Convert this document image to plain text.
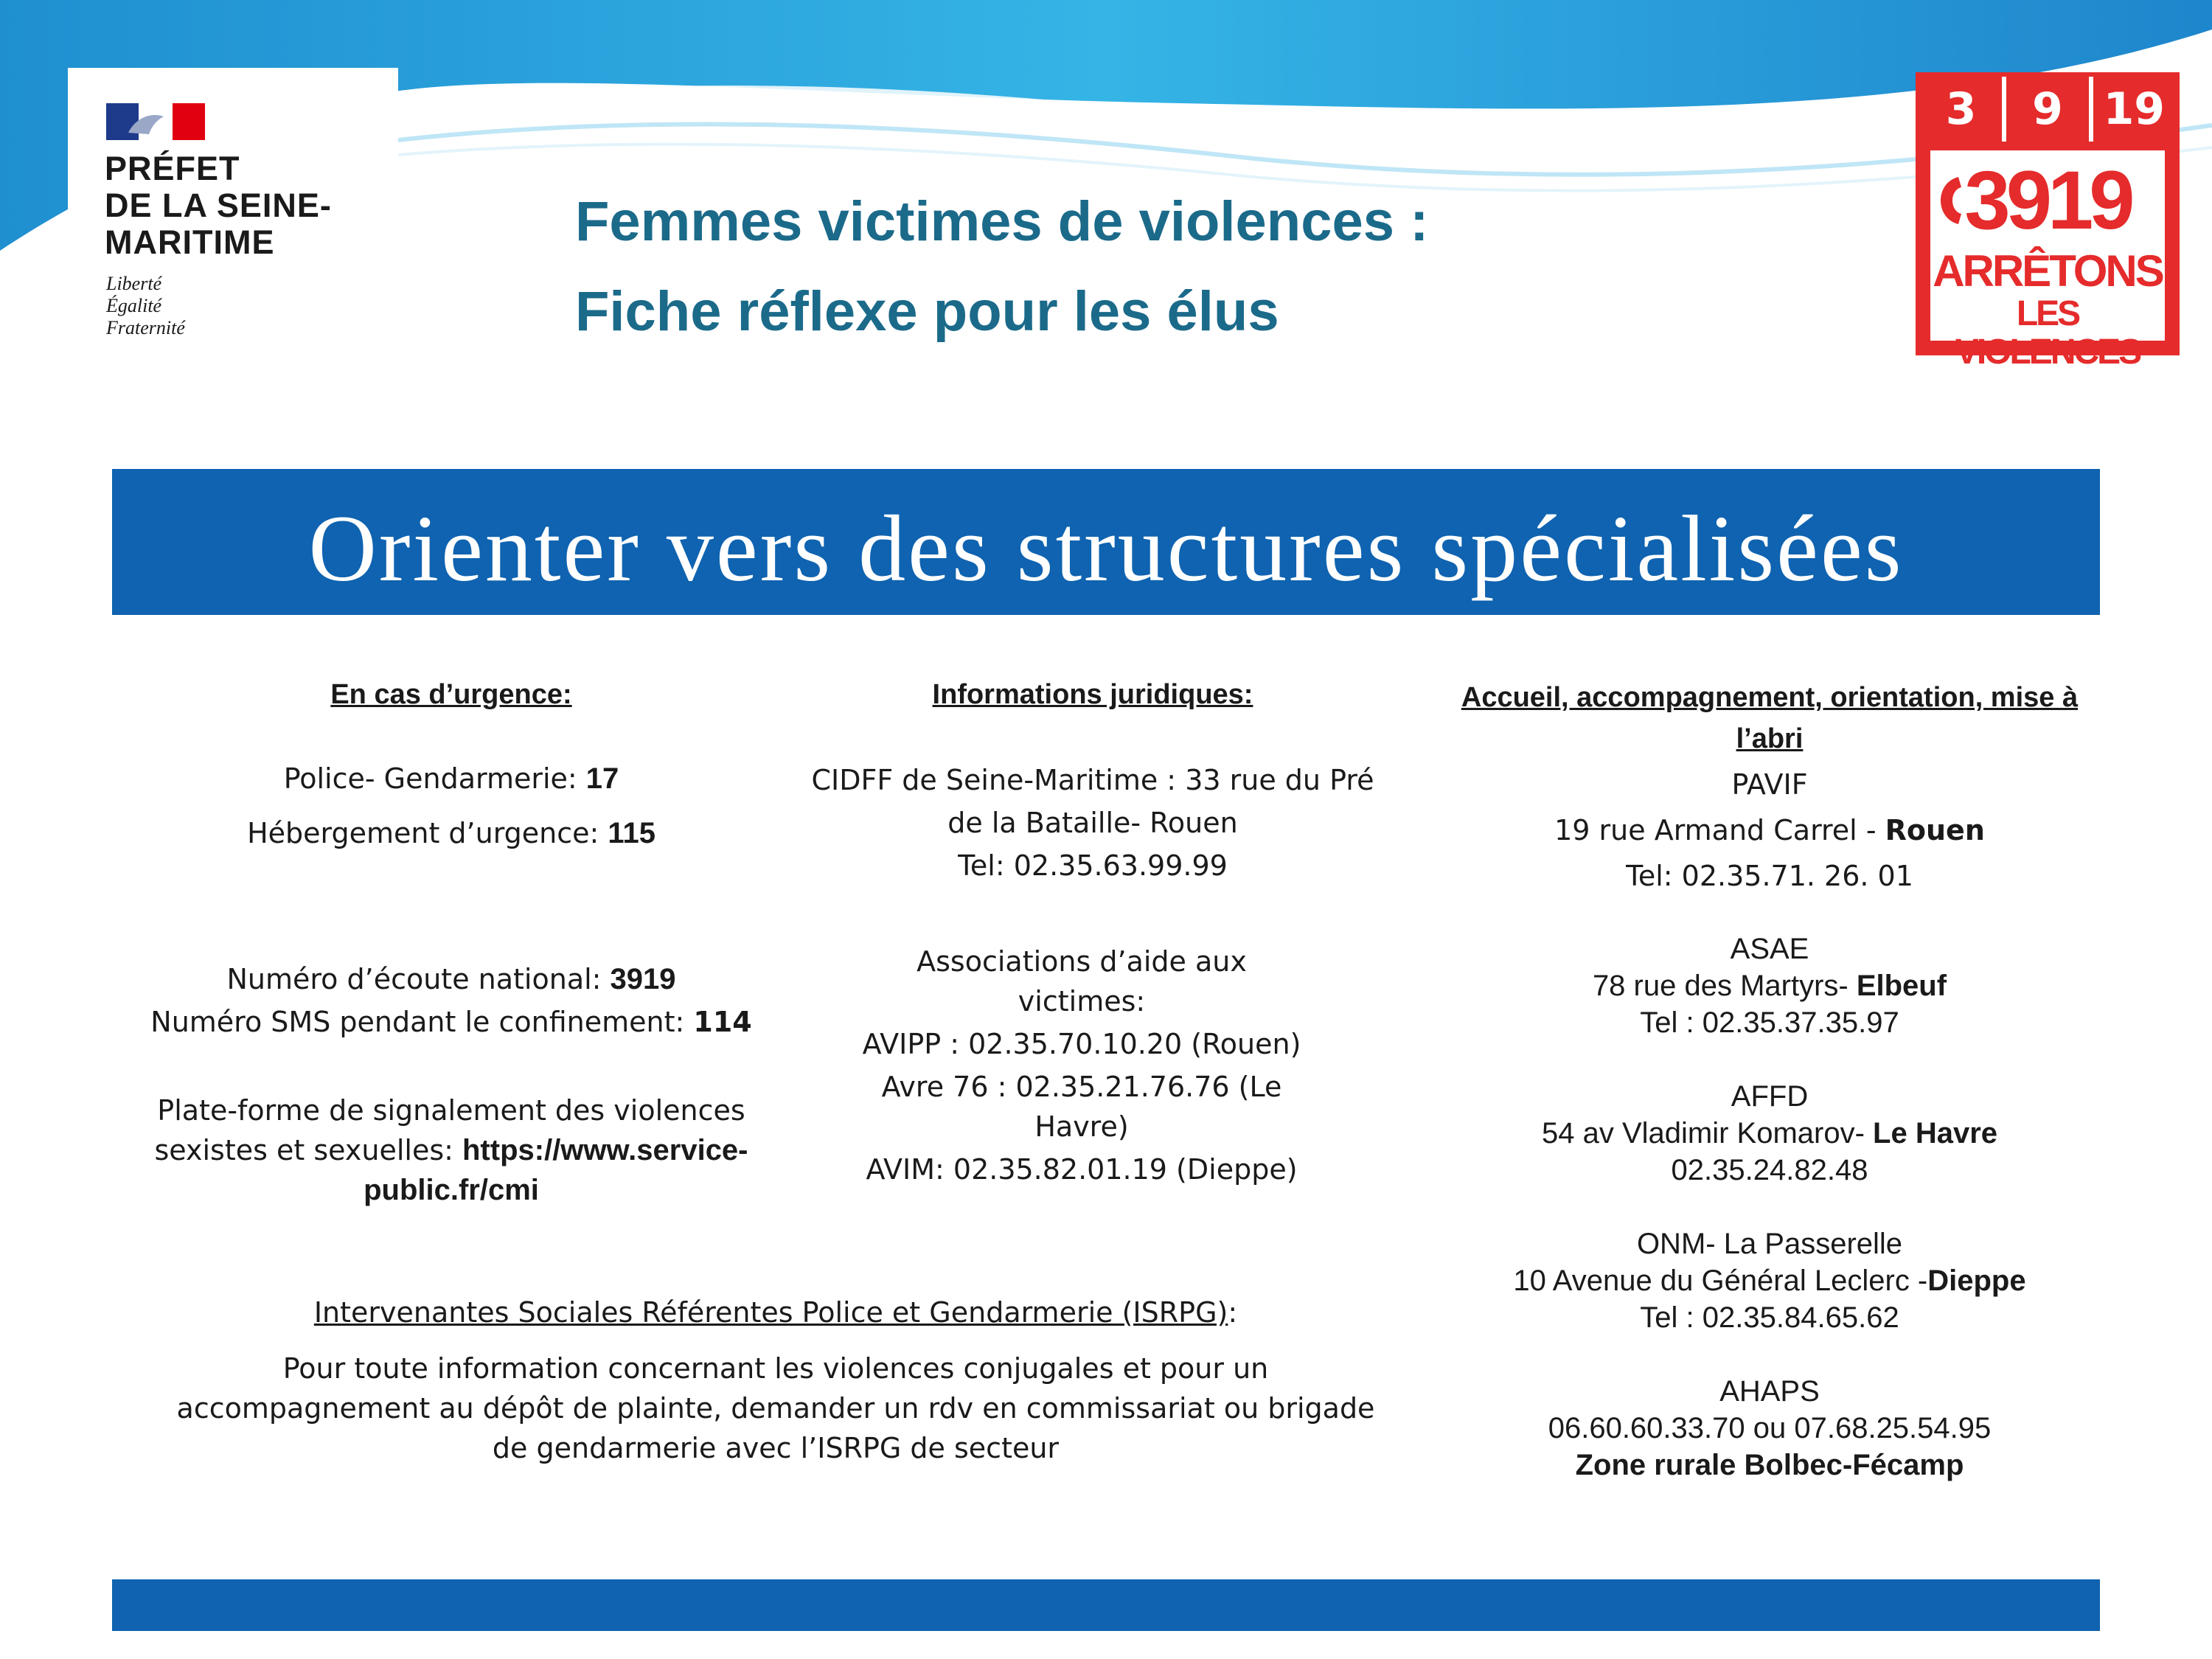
PRÉFET
DE LA SEINE-
MARITIME
Liberté
Égalité
Fraternité
Femmes victimes de violences :
Fiche réflexe pour les élus
3	9 19
3919
ARRÊTONS
LES VIOLENCES
Orienter vers des structures spécialisées
En cas d’urgence:
Police- Gendarmerie: 17
Hébergement d’urgence: 115
Numéro d’écoute national: 3919
Numéro SMS pendant le confinement: 114
Plate-forme de signalement des violences
sexistes et sexuelles: https://www.service-
public.fr/cmi
Informations juridiques:
CIDFF de Seine-Maritime : 33 rue du Pré
de la Bataille- Rouen
Tel: 02.35.63.99.99
Associations d’aide aux
victimes:
AVIPP : 02.35.70.10.20 (Rouen)
Avre 76 : 02.35.21.76.76 (Le
Havre)
AVIM: 02.35.82.01.19 (Dieppe)
Intervenantes Sociales Référentes Police et Gendarmerie (ISRPG):
Pour toute information concernant les violences conjugales et pour un
accompagnement au dépôt de plainte, demander un rdv en commissariat ou brigade
de gendarmerie avec l’ISRPG de secteur
Accueil, accompagnement, orientation, mise à
l’abri
PAVIF
19 rue Armand Carrel - Rouen
Tel: 02.35.71. 26. 01
ASAE
78 rue des Martyrs- Elbeuf
Tel : 02.35.37.35.97
AFFD
54 av Vladimir Komarov- Le Havre
02.35.24.82.48
ONM- La Passerelle
10 Avenue du Général Leclerc -Dieppe
Tel : 02.35.84.65.62
AHAPS
06.60.60.33.70 ou 07.68.25.54.95
Zone rurale Bolbec-Fécamp
